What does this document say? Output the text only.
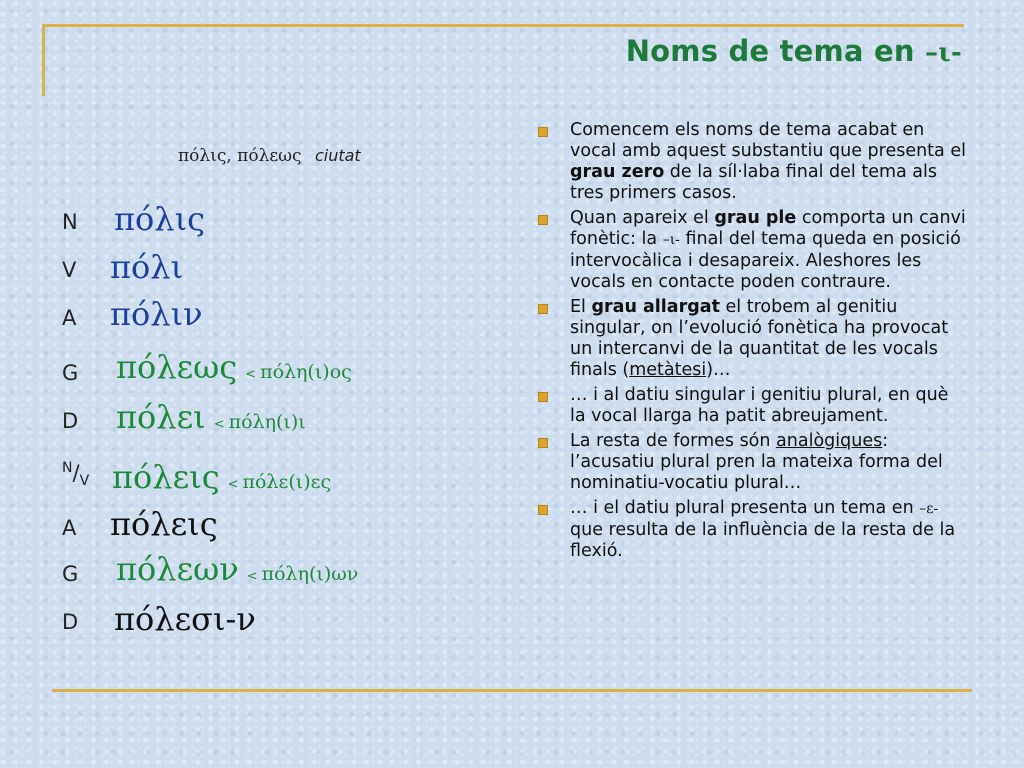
Noms de tema en –ι-
πόλις, πόλεως ciutat
N πόλις
V πόλι
A πόλιν
G πόλεως < πόλη(ι)ος
D πόλει < πόλη(ι)ι
$^N/_V$ πόλεις < πόλε(ι)ες
A πόλεις
G πόλεων < πόλη(ι)ων
D πόλεσι-ν
Comencem els noms de tema acabat en vocal amb aquest substantiu que presenta el grau zero de la síl·laba final del tema als tres primers casos.
Quan apareix el grau ple comporta un canvi fonètic: la –ι- final del tema queda en posició intervocàlica i desapareix. Aleshores les vocals en contacte poden contraure.
El grau allargat el trobem al genitiu singular, on l’evolució fonètica ha provocat un intercanvi de la quantitat de les vocals finals (metàtesi)…
… i al datiu singular i genitiu plural, en què la vocal llarga ha patit abreujament.
La resta de formes són analògiques: l’acusatiu plural pren la mateixa forma del nominatiu-vocatiu plural…
… i el datiu plural presenta un tema en –ε- que resulta de la influència de la resta de la flexió.
